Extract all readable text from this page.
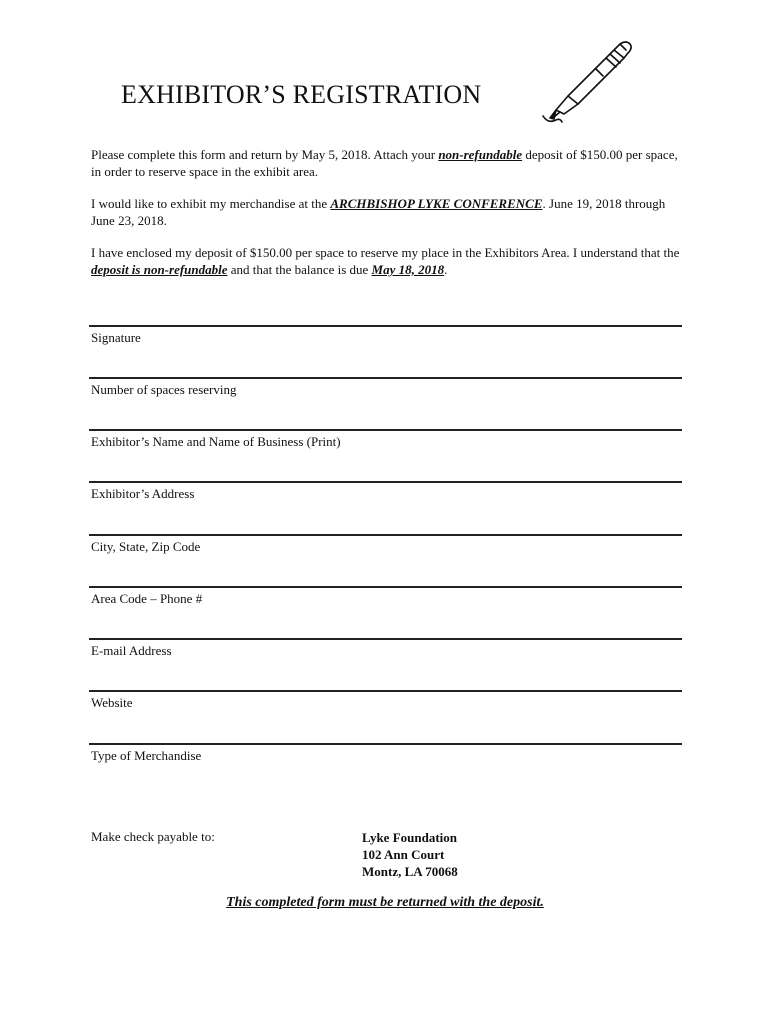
EXHIBITOR’S REGISTRATION
Please complete this form and return by May 5, 2018. Attach your non-refundable deposit of $150.00 per space, in order to reserve space in the exhibit area.
I would like to exhibit my merchandise at the ARCHBISHOP LYKE CONFERENCE. June 19, 2018 through June 23, 2018.
I have enclosed my deposit of $150.00 per space to reserve my place in the Exhibitors Area. I understand that the deposit is non-refundable and that the balance is due May 18, 2018.
Signature
Number of spaces reserving
Exhibitor’s Name and Name of Business (Print)
Exhibitor’s Address
City, State, Zip Code
Area Code – Phone #
E-mail Address
Website
Type of Merchandise
Make check payable to:	Lyke Foundation
102 Ann Court
Montz, LA 70068
This completed form must be returned with the deposit.
